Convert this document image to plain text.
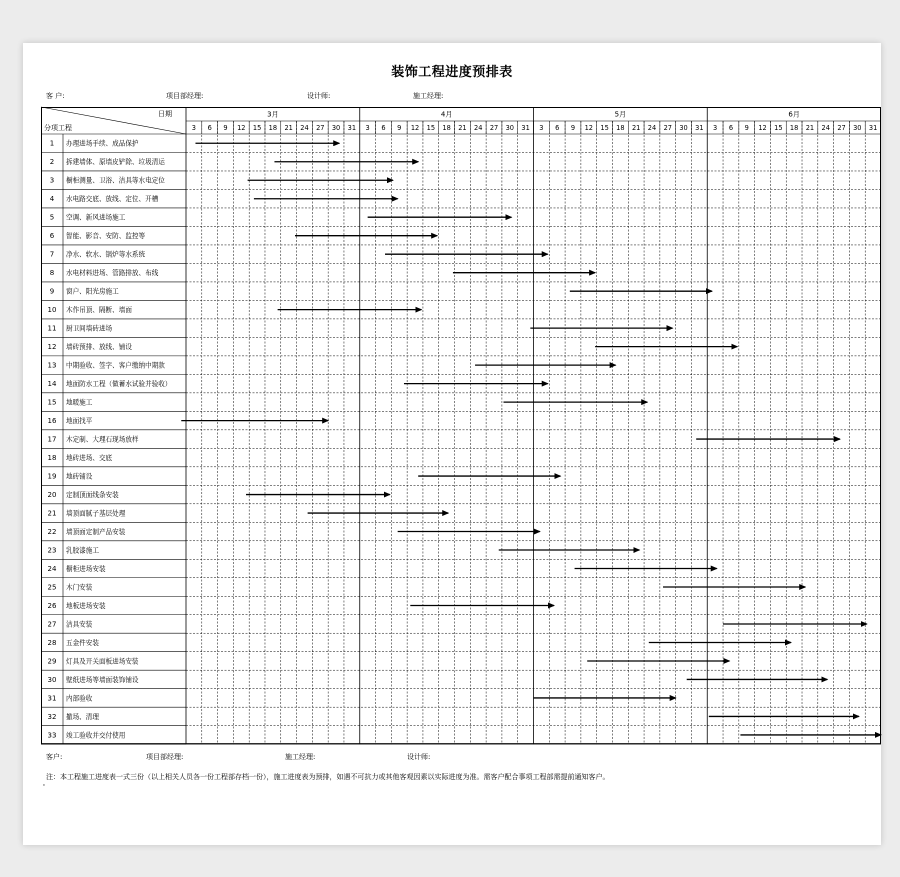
装饰工程进度预排表
客 户:	项目部经理:	设计师:	施工经理:
日期
分项工程
3月	4月	5月	6月
3 6 9 12 15 18 21 24 27 30 31 3 6 9 12 15 18 21 24 27 30 31 3 6 9 12 15 18 21 24 27 30 31 3 6 9 12 15 18 21 24 27 30 31
1 办理进场手续、成品保护
2 拆建墙体、原墙皮铲除、垃圾清运
3 橱柜测量、卫浴、洁具等水电定位
4 水电路交底、放线、定位、开槽
5 空调、新风进场施工
6 智能、影音、安防、监控等
7 净水、软水、锅炉等水系统
8 水电材料进场、管路排放、布线
9 窗户、阳光房施工
10 木作吊顶、隔断、墙面
11 厨卫间墙砖进场
12 墙砖预排、放线、铺设
13 中期验收、签字、客户缴纳中期款
14 地面防水工程（做蓄水试验并验收）
15 地暖施工
16 地面找平
17 木定制、大理石现场放样
18 地砖进场、交底
19 地砖铺设
20 定制顶面线条安装
21 墙顶面腻子基层处理
22 墙顶面定制产品安装
23 乳胶漆施工
24 橱柜进场安装
25 木门安装
26 地板进场安装
27 洁具安装
28 五金件安装
29 灯具及开关面板进场安装
30 壁纸进场等墙面装饰铺设
31 内部验收
32 撤场、清理
33 竣工验收并交付使用
客户:	项目部经理:	施工经理:	设计师:
注：本工程施工进度表一式三份（以上相关人员各一份工程部存档一份），施工进度表为预排，如遇不可抗力或其他客观因素以实际进度为准。需客户配合事项工程部需提前通知客户。
'
